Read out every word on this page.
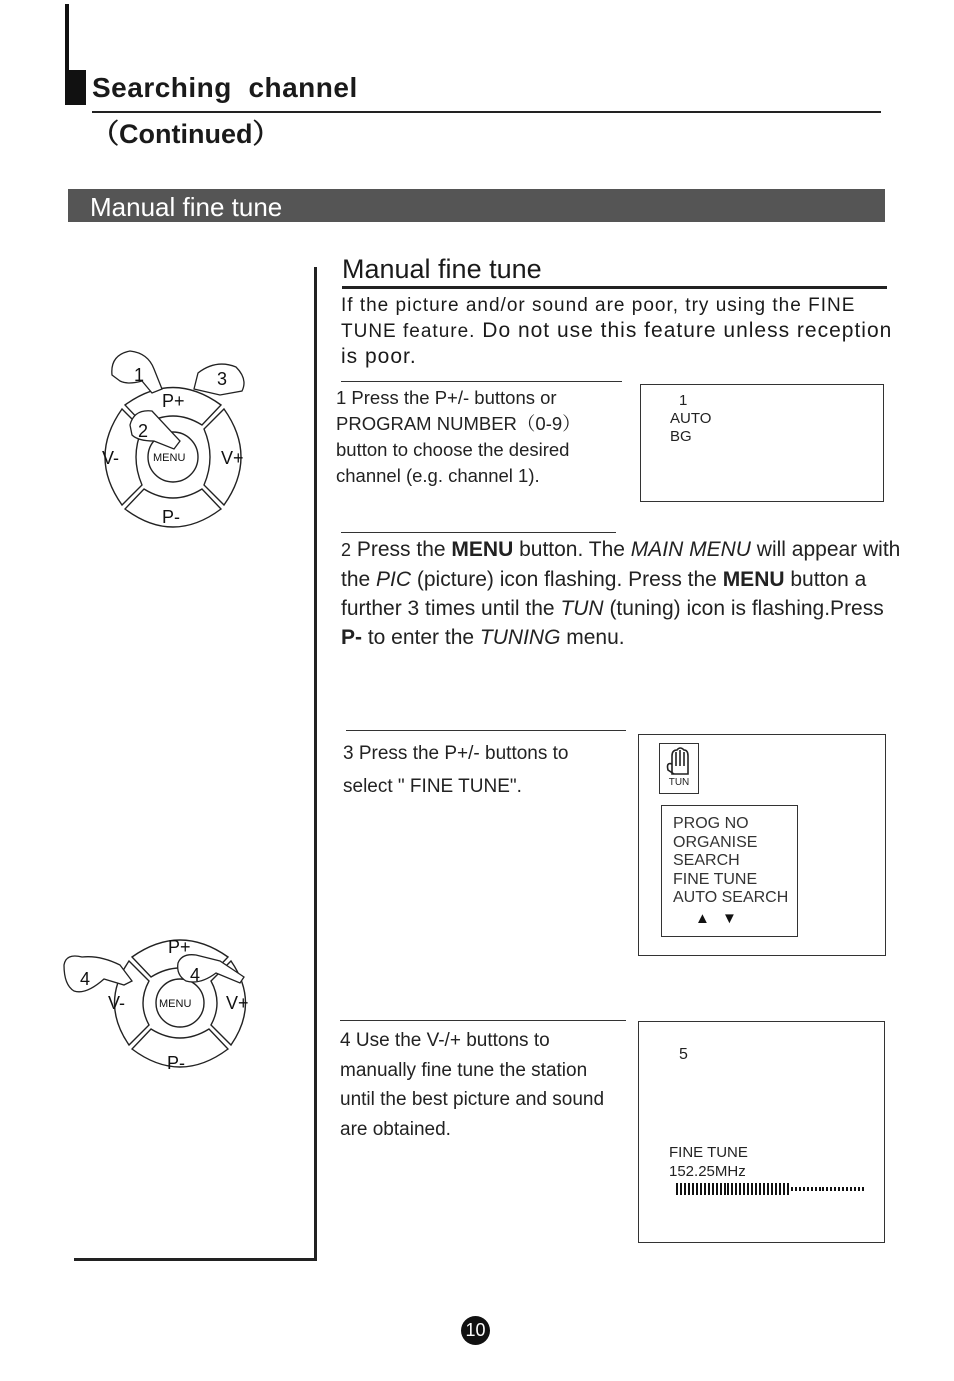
Searching  channel
（Continued）
Manual fine tune
Manual fine tune
If the picture and/or sound are poor, try using the FINE TUNE feature. Do not use this feature unless reception is poor.
1	3
2
P+
V-	V+
P-
MENU
1 Press the P+/- buttons or PROGRAM NUMBER（0-9）button to choose the desired channel (e.g. channel 1).
1
AUTO
BG
2 Press the MENU button. The MAIN MENU will appear with the PIC (picture) icon flashing. Press the MENU button a further 3 times until the TUN (tuning) icon is flashing.Press P- to enter the TUNING menu.
3 Press the P+/- buttons to
select " FINE TUNE".	TUN
PROG NO
ORGANISE
SEARCH
FINE TUNE
AUTO SEARCH
▲ ▼
4	4
P+
V-	V+
P-
MENU
4 Use the V-/+ buttons to
manually fine tune the station
until the best picture and sound
are obtained.
5
FINE TUNE
152.25MHz
10
